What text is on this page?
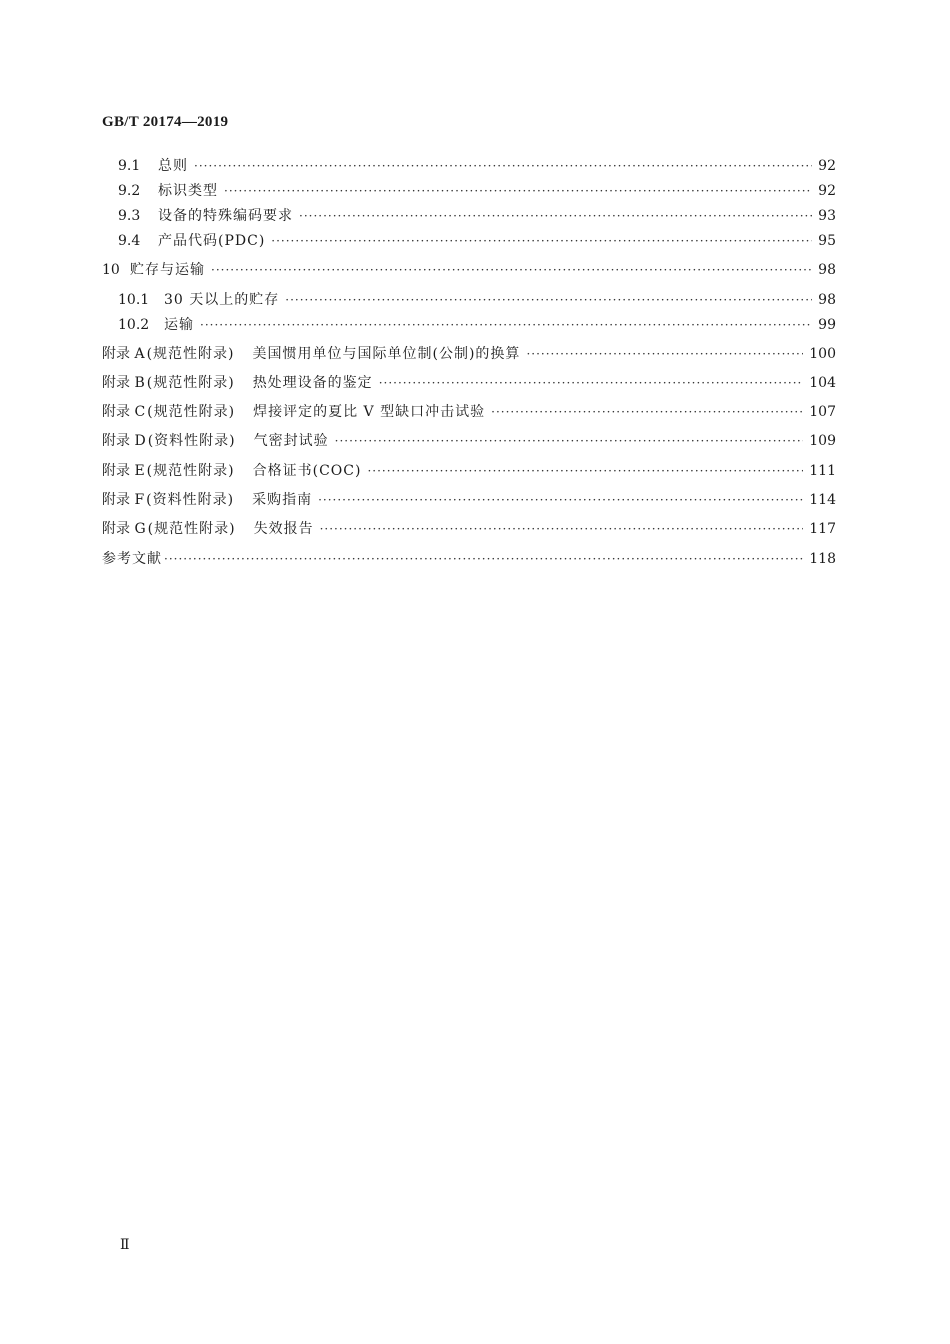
GB/T 20174—2019
9.1	总则 ·····	92
9.2	标识类型 ·····	92
9.3	设备的特殊编码要求 ·····	93
9.4	产品代码(PDC) ·····	95
10 贮存与运输 ·····	98
10.1	30 天以上的贮存 ·····	98
10.2	运输 ·····	99
附录 A (规范性附录) 美国惯用单位与国际单位制(公制)的换算 ·····	100
附录 B (规范性附录) 热处理设备的鉴定 ·····	104
附录 C (规范性附录) 焊接评定的夏比 V 型缺口冲击试验 ·····	107
附录 D (资料性附录) 气密封试验 ·····	109
附录 E (规范性附录) 合格证书(COC) ·····	111
附录 F (资料性附录) 采购指南 ·····	114
附录 G (规范性附录) 失效报告 ·····	117
参考文献 ·····	118
Ⅱ
